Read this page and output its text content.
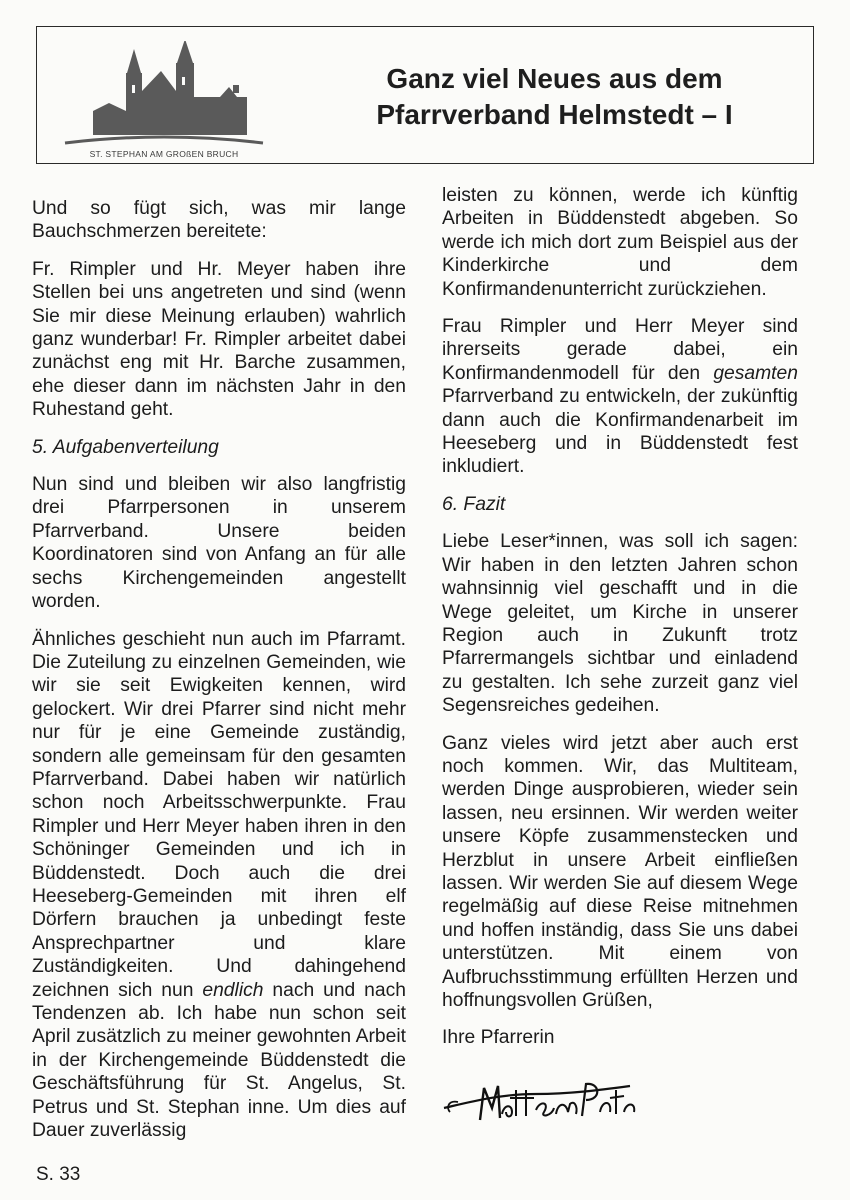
ST. STEPHAN AM GROßEN BRUCH
Ganz viel Neues aus dem
Pfarrverband Helmstedt – I

Und so fügt sich, was mir lange Bauchschmerzen bereitete:

Fr. Rimpler und Hr. Meyer haben ihre Stellen bei uns angetreten und sind (wenn Sie mir diese Meinung erlauben) wahrlich ganz wunderbar! Fr. Rimpler arbeitet dabei zunächst eng mit Hr. Barche zusammen, ehe dieser dann im nächsten Jahr in den Ruhestand geht.

5. Aufgabenverteilung

Nun sind und bleiben wir also langfristig drei Pfarrpersonen in unserem Pfarrverband. Unsere beiden Koordinatoren sind von Anfang an für alle sechs Kirchengemeinden angestellt worden.

Ähnliches geschieht nun auch im Pfarramt. Die Zuteilung zu einzelnen Gemeinden, wie wir sie seit Ewigkeiten kennen, wird gelockert. Wir drei Pfarrer sind nicht mehr nur für je eine Gemeinde zuständig, sondern alle gemeinsam für den gesamten Pfarrverband. Dabei haben wir natürlich schon noch Arbeitsschwerpunkte. Frau Rimpler und Herr Meyer haben ihren in den Schöninger Gemeinden und ich in Büddenstedt. Doch auch die drei Heeseberg-Gemeinden mit ihren elf Dörfern brauchen ja unbedingt feste Ansprechpartner und klare Zuständigkeiten. Und dahingehend zeichnen sich nun endlich nach und nach Tendenzen ab. Ich habe nun schon seit April zusätzlich zu meiner gewohnten Arbeit in der Kirchengemeinde Büddenstedt die Geschäftsführung für St. Angelus, St. Petrus und St. Stephan inne. Um dies auf Dauer zuverlässig

leisten zu können, werde ich künftig Arbeiten in Büddenstedt abgeben. So werde ich mich dort zum Beispiel aus der Kinderkirche und dem Konfirmandenunterricht zurückziehen.

Frau Rimpler und Herr Meyer sind ihrerseits gerade dabei, ein Konfirmandenmodell für den gesamten Pfarrverband zu entwickeln, der zukünftig dann auch die Konfirmandenarbeit im Heeseberg und in Büddenstedt fest inkludiert.

6. Fazit

Liebe Leser*innen, was soll ich sagen: Wir haben in den letzten Jahren schon wahnsinnig viel geschafft und in die Wege geleitet, um Kirche in unserer Region auch in Zukunft trotz Pfarrermangels sichtbar und einladend zu gestalten. Ich sehe zurzeit ganz viel Segensreiches gedeihen.

Ganz vieles wird jetzt aber auch erst noch kommen. Wir, das Multiteam, werden Dinge ausprobieren, wieder sein lassen, neu ersinnen. Wir werden weiter unsere Köpfe zusammenstecken und Herzblut in unsere Arbeit einfließen lassen. Wir werden Sie auf diesem Wege regelmäßig auf diese Reise mitnehmen und hoffen inständig, dass Sie uns dabei unterstützen. Mit einem von Aufbruchsstimmung erfüllten Herzen und hoffnungsvollen Grüßen,

Ihre Pfarrerin

S. 33
